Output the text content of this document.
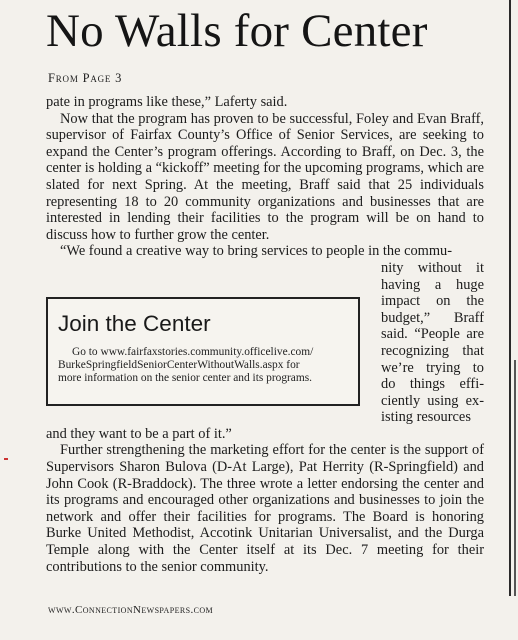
No Walls for Center
From Page 3

pate in programs like these,” Laferty said.

Now that the program has proven to be successful, Foley and Evan Braff, supervisor of Fairfax County’s Office of Senior Services, are seeking to expand the Center’s program offerings. According to Braff, on Dec. 3, the center is holding a “kickoff” meeting for the upcoming programs, which are slated for next Spring. At the meeting, Braff said that 25 individuals representing 18 to 20 community organizations and businesses that are interested in lending their facilities to the program will be on hand to discuss how to further grow the center.

“We found a creative way to bring services to people in the commu-

nity without it
having a huge
impact on the
budget,” Braff
said. “People are
recognizing that
we’re trying to
do things effi-
ciently using ex-
isting resources

and they want to be a part of it.”

Further strengthening the marketing effort for the center is the support of Supervisors Sharon Bulova (D-At Large), Pat Herrity (R-Springfield) and John Cook (R-Braddock). The three wrote a letter endorsing the center and its programs and encouraged other organizations and businesses to join the network and offer their facilities for programs. The Board is honoring Burke United Methodist, Accotink Unitarian Universalist, and the Durga Temple along with the Center itself at its Dec. 7 meeting for their contributions to the senior community.

Join the Center
Go to www.fairfaxstories.community.officelive.com/
BurkeSpringfieldSeniorCenterWithoutWalls.aspx for
more information on the senior center and its programs.
www.ConnectionNewspapers.com
